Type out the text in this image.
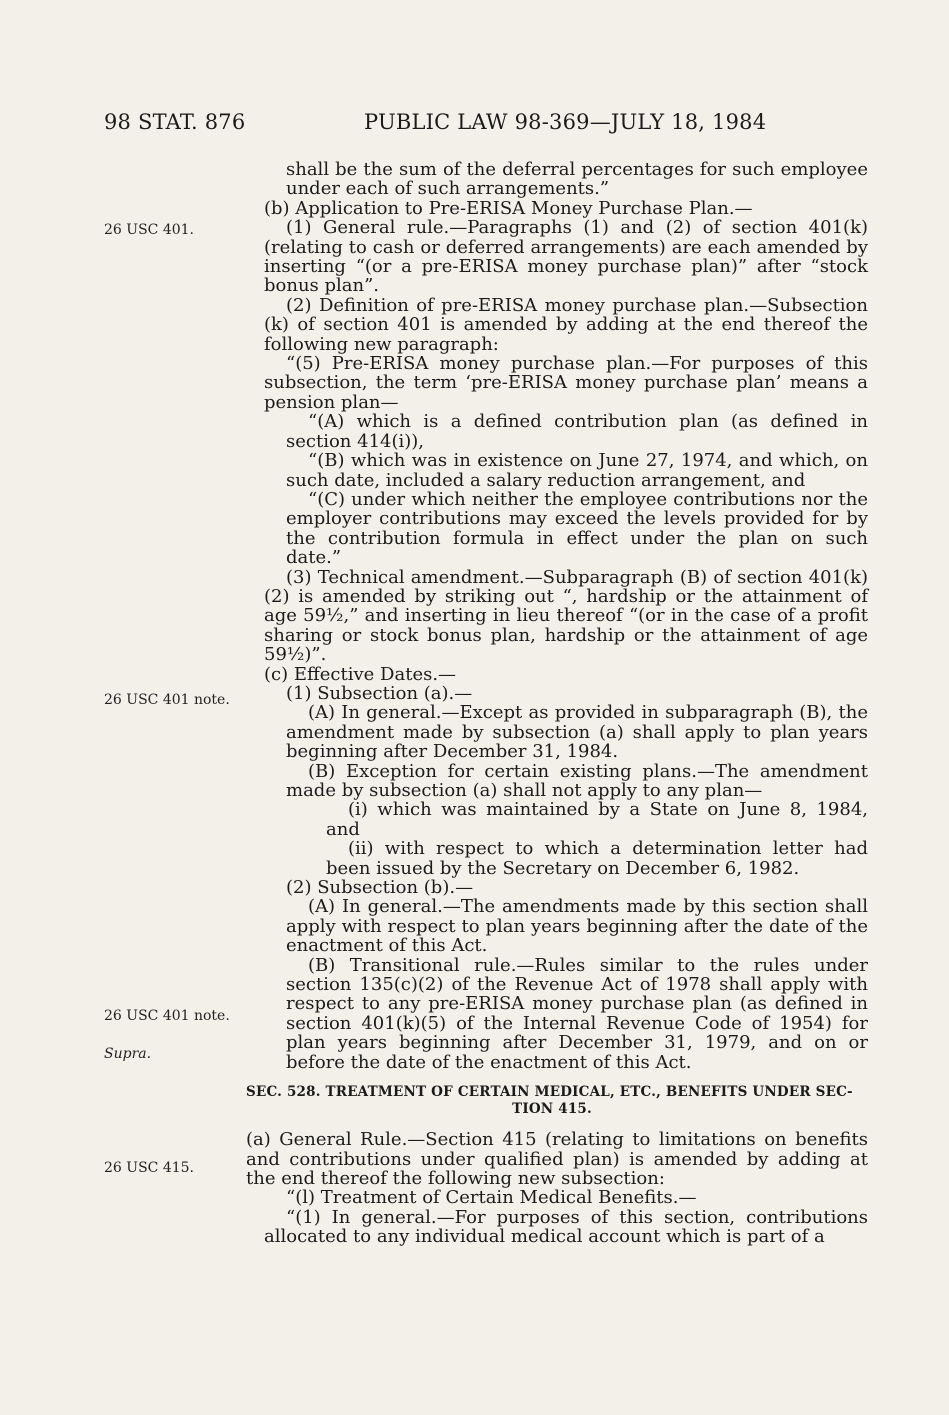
98 STAT. 876	PUBLIC LAW 98-369—JULY 18, 1984
26 USC 401.
26 USC 401 note.
26 USC 401 note.
Supra.
26 USC 415.

shall be the sum of the deferral percentages for such employee under each of such arrangements.”

(b) Application to Pre-ERISA Money Purchase Plan.—

(1) General rule.—Paragraphs (1) and (2) of section 401(k) (relating to cash or deferred arrangements) are each amended by inserting “(or a pre-ERISA money purchase plan)” after “stock bonus plan”.

(2) Definition of pre-ERISA money purchase plan.—Subsection (k) of section 401 is amended by adding at the end thereof the following new paragraph:

“(5) Pre-ERISA money purchase plan.—For purposes of this subsection, the term ‘pre-ERISA money purchase plan’ means a pension plan—

“(A) which is a defined contribution plan (as defined in section 414(i)),

“(B) which was in existence on June 27, 1974, and which, on such date, included a salary reduction arrangement, and

“(C) under which neither the employee contributions nor the employer contributions may exceed the levels provided for by the contribution formula in effect under the plan on such date.”

(3) Technical amendment.—Subparagraph (B) of section 401(k)(2) is amended by striking out “, hardship or the attainment of age 59½,” and inserting in lieu thereof “(or in the case of a profit sharing or stock bonus plan, hardship or the attainment of age 59½)”.

(c) Effective Dates.—

(1) Subsection (a).—

(A) In general.—Except as provided in subparagraph (B), the amendment made by subsection (a) shall apply to plan years beginning after December 31, 1984.

(B) Exception for certain existing plans.—The amendment made by subsection (a) shall not apply to any plan—

(i) which was maintained by a State on June 8, 1984, and

(ii) with respect to which a determination letter had been issued by the Secretary on December 6, 1982.

(2) Subsection (b).—

(A) In general.—The amendments made by this section shall apply with respect to plan years beginning after the date of the enactment of this Act.

(B) Transitional rule.—Rules similar to the rules under section 135(c)(2) of the Revenue Act of 1978 shall apply with respect to any pre-ERISA money purchase plan (as defined in section 401(k)(5) of the Internal Revenue Code of 1954) for plan years beginning after December 31, 1979, and on or before the date of the enactment of this Act.

SEC. 528. TREATMENT OF CERTAIN MEDICAL, ETC., BENEFITS UNDER SEC-
TION 415.

(a) General Rule.—Section 415 (relating to limitations on benefits and contributions under qualified plan) is amended by adding at the end thereof the following new subsection:

“(l) Treatment of Certain Medical Benefits.—

“(1) In general.—For purposes of this section, contributions allocated to any individual medical account which is part of a
